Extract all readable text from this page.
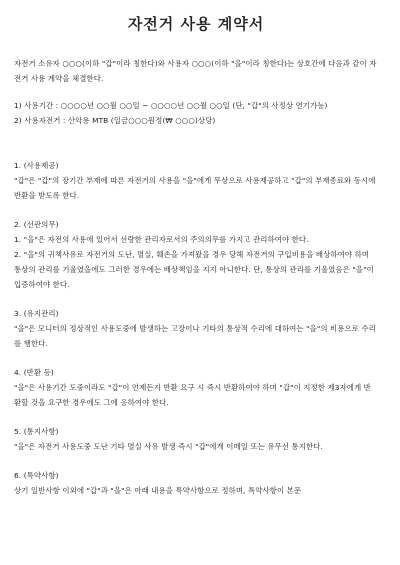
자전거 사용 계약서

자전거 소유자 ○○○(이하 "갑"이라 칭한다)와 사용자 ○○○(이하 "을"이라 칭한다)는 상호간에 다음과 같이 자전거 사용 계약을 체결한다.

1) 사용기간 : ○○○○년 ○○월 ○○일 ~ ○○○○년 ○○월 ○○일 (단, "갑"의 사정상 연기가능)

2) 사용자전거 : 산악용 MTB (일금○○○원정(₩ ○○○)상당)

1. (사용제공)

"갑"은 "갑"의 장기간 부재에 따른 자전거의 사용을 "을"에게 무상으로 사용제공하고 "갑"의 부재종료와 동시에 반환을 받도록 한다.

2. (선관의무)

1. "을"은 자전의 사용에 있어서 선량한 관리자로서의 주의의무를 가지고 관리하여야 한다.

2. "을"의 귀책사유로 자전거의 도난, 멸실, 훼손을 가져왔을 경우 당해 자전거의 구입비용을 배상하여야 하며 통상의 관리를 기울였을에도 그러한 경우에는 배상책임을 지지 아니한다. 단, 통상의 관리를 기울였음은 "을"이 입증하여야 한다.

3. (유지관리)

"을"은 모니터의 정상적인 사용도중에 발생하는 고장이나 기타의 통상적 수리에 대하여는 "을"의 비용으로 수리를 행한다.

4. (반환 등)

"을"은 사용기간 도중이라도 "갑"이 언제든지 반환 요구 시 즉시 반환하여야 하며 "갑"이 지정한 제3자에게 반환할 것을 요구한 경우에도 그에 응하여야 한다.

5. (통지사항)

"을"은 자전거 사용도중 도난 기타 멸실 사유 발생 즉시 "갑"에게 이메일 또는 유무선 통지한다.

6. (특약사항)

상기 일반사항 이외에 "갑"과 "을"은 아래 내용을 특약사항으로 정하며, 특약사항이 본문
